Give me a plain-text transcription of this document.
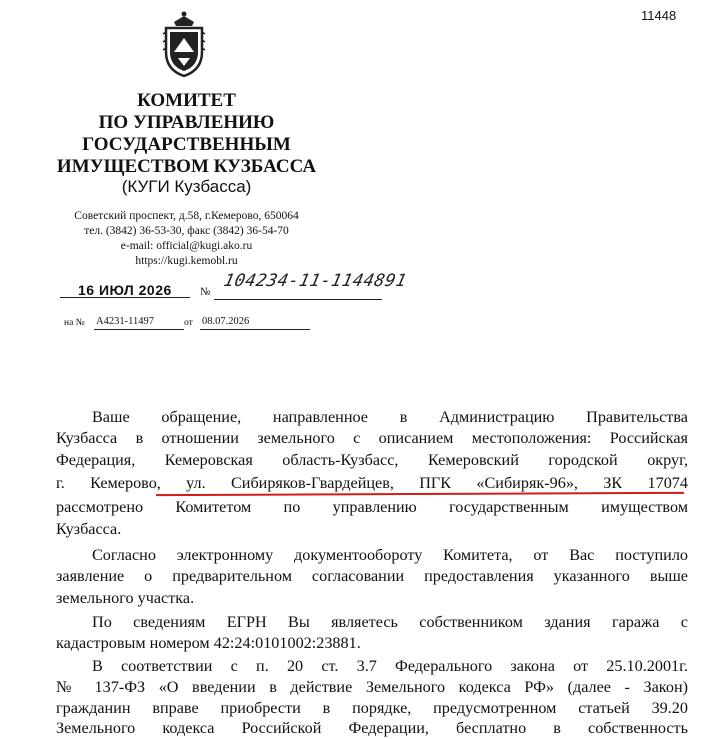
11448
КОМИТЕТ
ПО УПРАВЛЕНИЮ
ГОСУДАРСТВЕННЫМ
ИМУЩЕСТВОМ КУЗБАССА
(КУГИ Кузбасса)
Советский проспект, д.58, г.Кемерово, 650064
тел. (3842) 36-53-30, факс (3842) 36-54-70
e-mail: official@kugi.ako.ru
https://kugi.kemobl.ru
16 ИЮЛ 2026	№
104234-11-1144891
на № А4231-11497	от 08.07.2026
Ваше обращение, направленное в Администрацию Правительства
Кузбасса в отношении земельного с описанием местоположения: Российская
Федерация, Кемеровская область-Кузбасс, Кемеровский городской округ,
г. Кемерово, ул. Сибиряков-Гвардейцев, ПГК «Сибиряк-96», ЗК 17074
рассмотрено Комитетом по управлению государственным имуществом
Кузбасса.
Согласно электронному документообороту Комитета, от Вас поступило
заявление о предварительном согласовании предоставления указанного выше
земельного участка.
По сведениям ЕГРН Вы являетесь собственником здания гаража с
кадастровым номером 42:24:0101002:23881.
В соответствии с п. 20 ст. 3.7 Федерального закона от 25.10.2001г.
№ 137-ФЗ «О введении в действие Земельного кодекса РФ» (далее - Закон)
гражданин вправе приобрести в порядке, предусмотренном статьей 39.20
Земельного кодекса Российской Федерации, бесплатно в собственность
